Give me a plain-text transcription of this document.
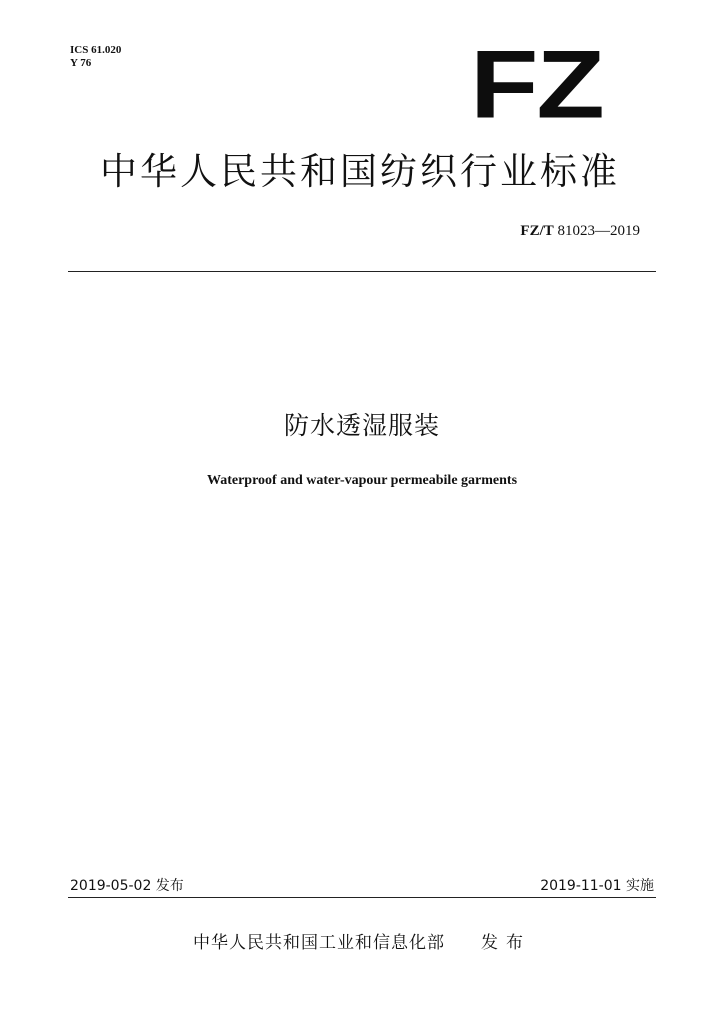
ICS 61.020
Y 76	FZ
中华人民共和国纺织行业标准
FZ/T 81023—2019
防水透湿服装
Waterproof and water-vapour permeabile garments
2019-05-02 发布	2019-11-01 实施
中华人民共和国工业和信息化部 发布
